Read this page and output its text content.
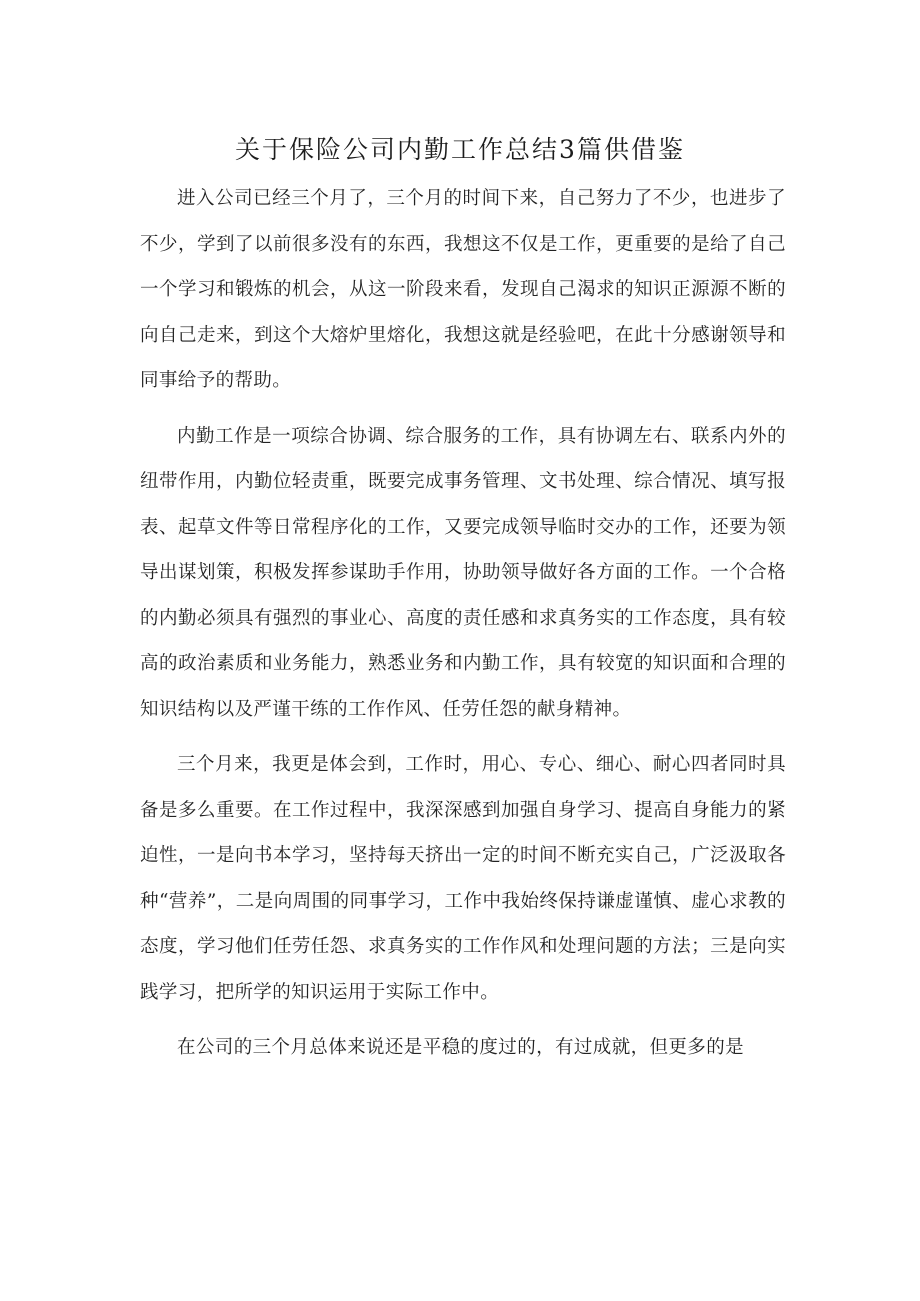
关于保险公司内勤工作总结3篇供借鉴

进入公司已经三个月了，三个月的时间下来，自己努力了不少，也进步了不少，学到了以前很多没有的东西，我想这不仅是工作，更重要的是给了自己一个学习和锻炼的机会，从这一阶段来看，发现自己渴求的知识正源源不断的向自己走来，到这个大熔炉里熔化，我想这就是经验吧，在此十分感谢领导和同事给予的帮助。

内勤工作是一项综合协调、综合服务的工作，具有协调左右、联系内外的纽带作用，内勤位轻责重，既要完成事务管理、文书处理、综合情况、填写报表、起草文件等日常程序化的工作，又要完成领导临时交办的工作，还要为领导出谋划策，积极发挥参谋助手作用，协助领导做好各方面的工作。一个合格的内勤必须具有强烈的事业心、高度的责任感和求真务实的工作态度，具有较高的政治素质和业务能力，熟悉业务和内勤工作，具有较宽的知识面和合理的知识结构以及严谨干练的工作作风、任劳任怨的献身精神。

三个月来，我更是体会到，工作时，用心、专心、细心、耐心四者同时具备是多么重要。在工作过程中，我深深感到加强自身学习、提高自身能力的紧迫性，一是向书本学习，坚持每天挤出一定的时间不断充实自己，广泛汲取各种“营养”，二是向周围的同事学习，工作中我始终保持谦虚谨慎、虚心求教的态度，学习他们任劳任怨、求真务实的工作作风和处理问题的方法；三是向实践学习，把所学的知识运用于实际工作中。

在公司的三个月总体来说还是平稳的度过的，有过成就，但更多的是
